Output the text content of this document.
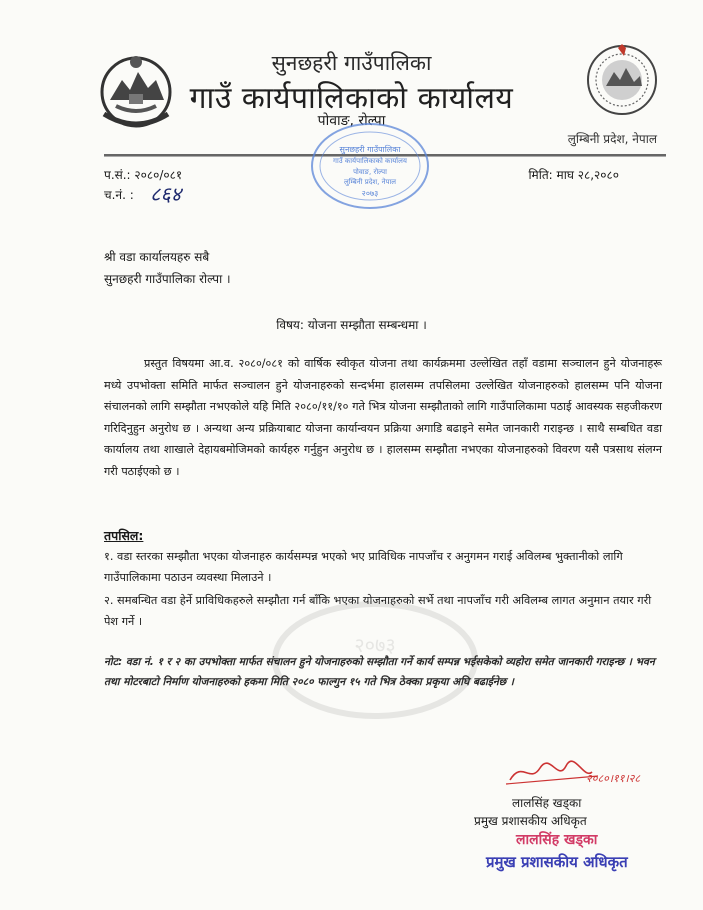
सुनछहरी गाउँपालिका
गाउँ कार्यपालिकाको कार्यालय
पोवाङ, रोल्पा
लुम्बिनी प्रदेश, नेपाल
सुनछहरी गाउँपालिका
गाउँ कार्यपालिकाको कार्यालय
पोवाङ, रोल्पा
लुम्बिनी प्रदेश, नेपाल
२०७३
प.सं.: २०८०/०८१
च.नं. : ८६४
मिति: माघ २८,२०८०
श्री वडा कार्यालयहरु सबै
सुनछहरी गाउँपालिका रोल्पा ।
विषय: योजना सम्झौता सम्बन्धमा ।
प्रस्तुत विषयमा आ.व. २०८०/०८१ को वार्षिक स्वीकृत योजना तथा कार्यक्रममा उल्लेखित तहाँ वडामा सञ्चालन हुने योजनाहरू मध्ये उपभोक्ता समिति मार्फत सञ्चालन हुने योजनाहरुको सन्दर्भमा हालसम्म तपसिलमा उल्लेखित योजनाहरुको हालसम्म पनि योजना संचालनको लागि सम्झौता नभएकोले यहि मिति २०८०/११/१० गते भित्र योजना सम्झौताको लागि गाउँपालिकामा पठाई आवस्यक सहजीकरण गरिदिनुहुन अनुरोध छ । अन्यथा अन्य प्रक्रियाबाट योजना कार्यान्वयन प्रक्रिया अगाडि बढाइने समेत जानकारी गराइन्छ । साथै सम्बधित वडा कार्यालय तथा शाखाले देहायबमोजिमको कार्यहरु गर्नुहुन अनुरोध छ । हालसम्म सम्झौता नभएका योजनाहरुको विवरण यसै पत्रसाथ संलग्न गरी पठाईएको छ ।
तपसिल:
१. वडा स्तरका सम्झौता भएका योजनाहरु कार्यसम्पन्न भएको भए प्राविधिक नापजाँच र अनुगमन गराई अविलम्ब भुक्तानीको लागि गाउँपालिकामा पठाउन व्यवस्था मिलाउने ।
२. समबन्धित वडा हेर्ने प्राविधिकहरुले सम्झौता गर्न बाँकि भएका योजनाहरुको सर्भे तथा नापजाँच गरी अविलम्ब लागत अनुमान तयार गरी पेश गर्ने ।
२०७३
नोट: वडा नं. १ र २ का उपभोक्ता मार्फत संचालन हुने योजनाहरुको सम्झौता गर्ने कार्य सम्पन्न भईसकेको व्यहोरा समेत जानकारी गराइन्छ । भवन तथा मोटरबाटो निर्माण योजनाहरुको हकमा मिति २०८० फाल्गुन १५ गते भित्र ठेक्का प्रकृया अघि बढाईनेछ ।
२०८०।११।२८
लालसिंह खड्का
प्रमुख प्रशासकीय अधिकृत
लालसिंह खड्का
प्रमुख प्रशासकीय अधिकृत
